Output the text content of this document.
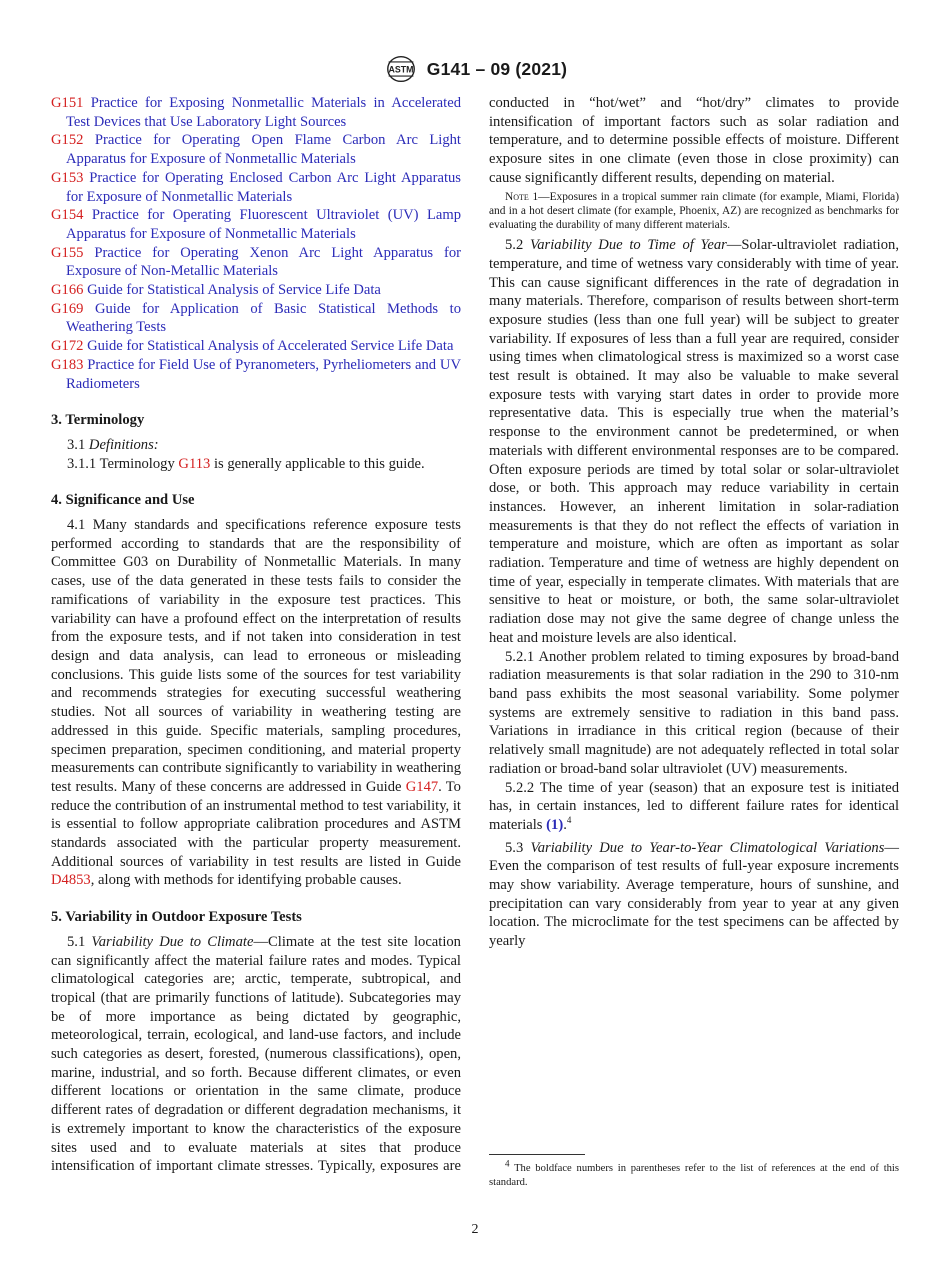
ASTM G141 – 09 (2021)

G151 Practice for Exposing Nonmetallic Materials in Accelerated Test Devices that Use Laboratory Light Sources

G152 Practice for Operating Open Flame Carbon Arc Light Apparatus for Exposure of Nonmetallic Materials

G153 Practice for Operating Enclosed Carbon Arc Light Apparatus for Exposure of Nonmetallic Materials

G154 Practice for Operating Fluorescent Ultraviolet (UV) Lamp Apparatus for Exposure of Nonmetallic Materials

G155 Practice for Operating Xenon Arc Light Apparatus for Exposure of Non-Metallic Materials

G166 Guide for Statistical Analysis of Service Life Data

G169 Guide for Application of Basic Statistical Methods to Weathering Tests

G172 Guide for Statistical Analysis of Accelerated Service Life Data

G183 Practice for Field Use of Pyranometers, Pyrheliometers and UV Radiometers

3. Terminology

3.1 Definitions:

3.1.1 Terminology G113 is generally applicable to this guide.

4. Significance and Use

4.1 Many standards and specifications reference exposure tests performed according to standards that are the responsibility of Committee G03 on Durability of Nonmetallic Materials. In many cases, use of the data generated in these tests fails to consider the ramifications of variability in the exposure test practices. This variability can have a profound effect on the interpretation of results from the exposure tests, and if not taken into consideration in test design and data analysis, can lead to erroneous or misleading conclusions. This guide lists some of the sources for test variability and recommends strategies for executing successful weathering studies. Not all sources of variability in weathering testing are addressed in this guide. Specific materials, sampling procedures, specimen preparation, specimen conditioning, and material property measurements can contribute significantly to variability in weathering test results. Many of these concerns are addressed in Guide G147. To reduce the contribution of an instrumental method to test variability, it is essential to follow appropriate calibration procedures and ASTM standards associated with the particular property measurement. Additional sources of variability in test results are listed in Guide D4853, along with methods for identifying probable causes.

5. Variability in Outdoor Exposure Tests

5.1 Variability Due to Climate—Climate at the test site location can significantly affect the material failure rates and modes. Typical climatological categories are; arctic, temperate, subtropical, and tropical (that are primarily functions of latitude). Subcategories may be of more importance as being dictated by geographic, meteorological, terrain, ecological, and land-use factors, and include such categories as desert, forested, (numerous classifications), open, marine, industrial, and so forth. Because different climates, or even different locations or orientation in the same climate, produce different rates of degradation or different degradation mechanisms, it is extremely important to know the characteristics of the exposure sites used and to evaluate materials at sites that produce intensification of important climate stresses. Typically, exposures are

conducted in “hot/wet” and “hot/dry” climates to provide intensification of important factors such as solar radiation and temperature, and to determine possible effects of moisture. Different exposure sites in one climate (even those in close proximity) can cause significantly different results, depending on material.

Note 1—Exposures in a tropical summer rain climate (for example, Miami, Florida) and in a hot desert climate (for example, Phoenix, AZ) are recognized as benchmarks for evaluating the durability of many different materials.

5.2 Variability Due to Time of Year—Solar-ultraviolet radiation, temperature, and time of wetness vary considerably with time of year. This can cause significant differences in the rate of degradation in many materials. Therefore, comparison of results between short-term exposure studies (less than one full year) will be subject to greater variability. If exposures of less than a full year are required, consider using times when climatological stress is maximized so a worst case test result is obtained. It may also be valuable to make several exposure tests with varying start dates in order to provide more representative data. This is especially true when the material’s response to the environment cannot be predetermined, or when materials with different environmental responses are to be compared. Often exposure periods are timed by total solar or solar-ultraviolet dose, or both. This approach may reduce variability in certain instances. However, an inherent limitation in solar-radiation measurements is that they do not reflect the effects of variation in temperature and moisture, which are often as important as solar radiation. Temperature and time of wetness are highly dependent on time of year, especially in temperate climates. With materials that are sensitive to heat or moisture, or both, the same solar-ultraviolet radiation dose may not give the same degree of change unless the heat and moisture levels are also identical.

5.2.1 Another problem related to timing exposures by broad-band radiation measurements is that solar radiation in the 290 to 310-nm band pass exhibits the most seasonal variability. Some polymer systems are extremely sensitive to radiation in this band pass. Variations in irradiance in this critical region (because of their relatively small magnitude) are not adequately reflected in total solar radiation or broad-band solar ultraviolet (UV) measurements.

5.2.2 The time of year (season) that an exposure test is initiated has, in certain instances, led to different failure rates for identical materials (1).$^4$

5.3 Variability Due to Year-to-Year Climatological Variations—Even the comparison of test results of full-year exposure increments may show variability. Average temperature, hours of sunshine, and precipitation can vary considerably from year to year at any given location. The microclimate for the test specimens can be affected by yearly

$^4$ The boldface numbers in parentheses refer to the list of references at the end of this standard.

2
